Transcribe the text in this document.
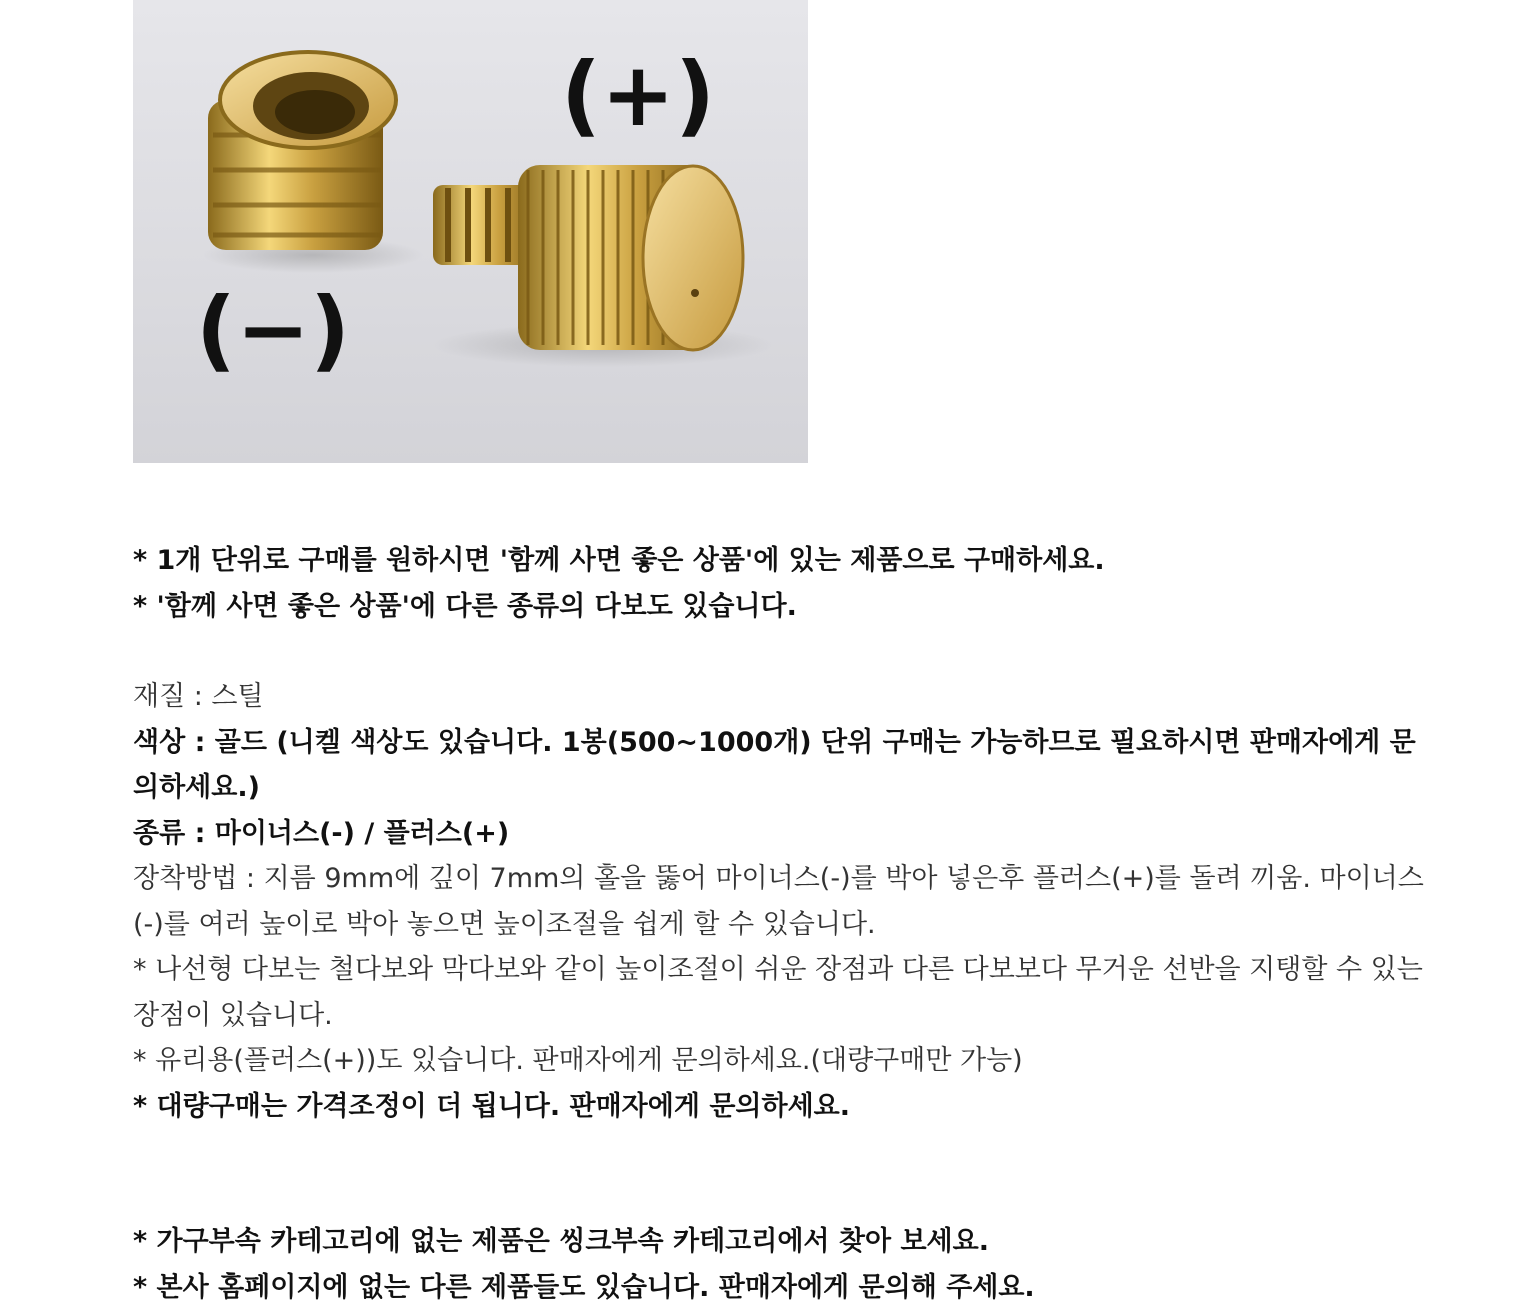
(+)
(−)
* 1개 단위로 구매를 원하시면 '함께 사면 좋은 상품'에 있는 제품으로 구매하세요.
* '함께 사면 좋은 상품'에 다른 종류의 다보도 있습니다.
재질 : 스틸
색상 : 골드 (니켈 색상도 있습니다. 1봉(500~1000개) 단위 구매는 가능하므로 필요하시면 판매자에게 문의하세요.)
종류 : 마이너스(-) / 플러스(+)
장착방법 : 지름 9mm에 깊이 7mm의 홀을 뚫어 마이너스(-)를 박아 넣은후 플러스(+)를 돌려 끼움. 마이너스(-)를 여러 높이로 박아 놓으면 높이조절을 쉽게 할 수 있습니다.
* 나선형 다보는 철다보와 막다보와 같이 높이조절이 쉬운 장점과 다른 다보보다 무거운 선반을 지탱할 수 있는 장점이 있습니다.
* 유리용(플러스(+))도 있습니다. 판매자에게 문의하세요.(대량구매만 가능)
* 대량구매는 가격조정이 더 됩니다. 판매자에게 문의하세요.
* 가구부속 카테고리에 없는 제품은 씽크부속 카테고리에서 찾아 보세요.
* 본사 홈페이지에 없는 다른 제품들도 있습니다. 판매자에게 문의해 주세요.
